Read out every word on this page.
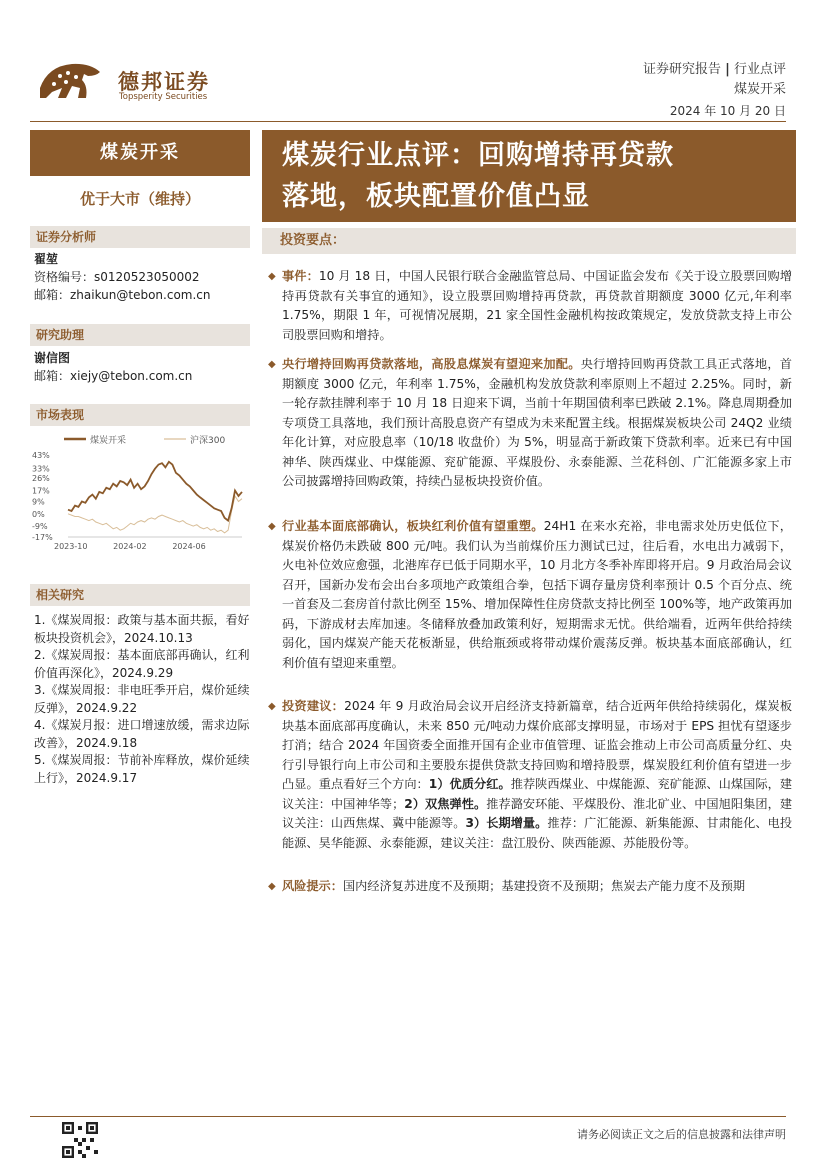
德邦证券
Topsperity Securities
证券研究报告 | 行业点评
煤炭开采
2024 年 10 月 20 日
煤炭开采
优于大市（维持）
证券分析师
翟堃
资格编号：s0120523050002
邮箱：zhaikun@tebon.com.cn
研究助理
谢信图
邮箱：xiejy@tebon.com.cn
市场表现
煤炭开采	沪深300
43%
33%
26%
17%
9%
0%
-9%
-17%
2023-10	2024-02	2024-06
相关研究
1.《煤炭周报：政策与基本面共振，看好板块投资机会》，2024.10.13
2.《煤炭周报：基本面底部再确认，红利价值再深化》，2024.9.29
3.《煤炭周报：非电旺季开启，煤价延续反弹》，2024.9.22
4.《煤炭月报：进口增速放缓，需求边际改善》，2024.9.18
5.《煤炭周报：节前补库释放，煤价延续上行》，2024.9.17
煤炭行业点评：回购增持再贷款
落地，板块配置价值凸显
投资要点：
◆ 事件：10 月 18 日，中国人民银行联合金融监管总局、中国证监会发布《关于设立股票回购增持再贷款有关事宜的通知》，设立股票回购增持再贷款，再贷款首期额度 3000 亿元,年利率 1.75%，期限 1 年，可视情况展期，21 家全国性金融机构按政策规定，发放贷款支持上市公司股票回购和增持。
◆ 央行增持回购再贷款落地，高股息煤炭有望迎来加配。央行增持回购再贷款工具正式落地，首期额度 3000 亿元，年利率 1.75%，金融机构发放贷款利率原则上不超过 2.25%。同时，新一轮存款挂牌利率于 10 月 18 日迎来下调，当前十年期国债利率已跌破 2.1%。降息周期叠加专项贷工具落地，我们预计高股息资产有望成为未来配置主线。根据煤炭板块公司 24Q2 业绩年化计算，对应股息率（10/18 收盘价）为 5%，明显高于新政策下贷款利率。近来已有中国神华、陕西煤业、中煤能源、兖矿能源、平煤股份、永泰能源、兰花科创、广汇能源多家上市公司披露增持回购政策，持续凸显板块投资价值。
◆ 行业基本面底部确认，板块红利价值有望重塑。24H1 在来水充裕，非电需求处历史低位下，煤炭价格仍未跌破 800 元/吨。我们认为当前煤价压力测试已过，往后看，水电出力减弱下，火电补位效应愈强，北港库存已低于同期水平，10 月北方冬季补库即将开启。9 月政治局会议召开，国新办发布会出台多项地产政策组合拳，包括下调存量房贷利率预计 0.5 个百分点、统一首套及二套房首付款比例至 15%、增加保障性住房贷款支持比例至 100%等，地产政策再加码，下游成材去库加速。冬储释放叠加政策利好，短期需求无忧。供给端看，近两年供给持续弱化，国内煤炭产能天花板渐显，供给瓶颈或将带动煤价震荡反弹。板块基本面底部确认，红利价值有望迎来重塑。
◆ 投资建议：2024 年 9 月政治局会议开启经济支持新篇章，结合近两年供给持续弱化，煤炭板块基本面底部再度确认，未来 850 元/吨动力煤价底部支撑明显，市场对于 EPS 担忧有望逐步打消；结合 2024 年国资委全面推开国有企业市值管理、证监会推动上市公司高质量分红、央行引导银行向上市公司和主要股东提供贷款支持回购和增持股票，煤炭股红利价值有望进一步凸显。重点看好三个方向：1）优质分红。推荐陕西煤业、中煤能源、兖矿能源、山煤国际，建议关注：中国神华等；2）双焦弹性。推荐潞安环能、平煤股份、淮北矿业、中国旭阳集团，建议关注：山西焦煤、冀中能源等。3）长期增量。推荐：广汇能源、新集能源、甘肃能化、电投能源、昊华能源、永泰能源，建议关注：盘江股份、陕西能源、苏能股份等。
◆ 风险提示：国内经济复苏进度不及预期；基建投资不及预期；焦炭去产能力度不及预期
请务必阅读正文之后的信息披露和法律声明
